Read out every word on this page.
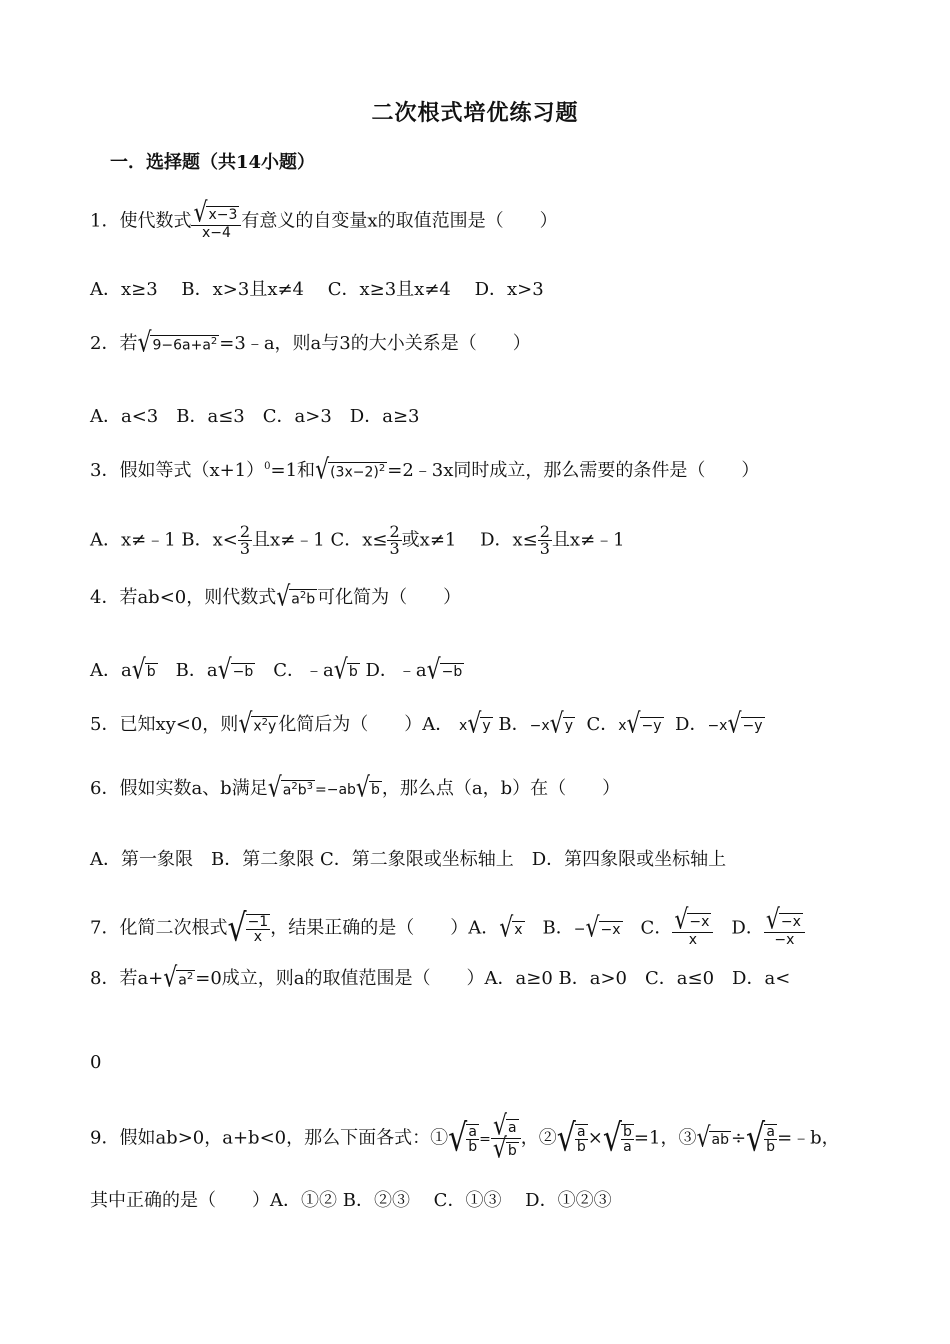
二次根式培优练习题
一．选择题（共14小题）
1．使代数式 $\frac{√x-3}{x-4}$ 有意义的自变量x的取值范围是（　　）
A．x≥3　 B．x>3且x≠4　 C．x≥3且x≠4　 D．x>3
2．若$√9-6a+a^2$ =3﹣a，则a与3的大小关系是（　　）
A．a<3　B．a≤3　C．a>3　D．a≥3
3．假如等式$(x+1)^0=1$和$√(3x-2)^2$ =2﹣3x同时成立，那么需要的条件是（　　）
A．x≠﹣1 B．$x< \frac{2}{3}$ 且x≠﹣1 C．$x\le \frac{2}{3}$ 或x≠1　 D．$x\le \frac{2}{3}$ 且x≠﹣1
4．若ab<0，则代数式$√a^2b$ 可化简为（　　）
A．a√b　B．a√−b　C．﹣a√b D．﹣a√−b
5．已知xy<0，则$√x^2y$ 化简后为（　　）A． x√y B．−x√y C．x√−y D．−x√−y
6．假如实数a、b满足$√a^2b^3 =-ab√b$ ，那么点（a，b）在（　　）
A．第一象限　B．第二象限 C．第二象限或坐标轴上　D．第四象限或坐标轴上
7．化简二次根式√ $\frac{-1}{x}$ ，结果正确的是（　　）A．√x　B．−√−x　C． $\frac{√-x}{x}$ 　D． $\frac{√-x}{-x}$
8．若$a+√a^2 =0$成立，则a的取值范围是（　　）A．a≥0 B．a>0　C．a≤0　D．a<
0
9．假如ab>0，a+b<0，那么下面各式：①√ $\frac{a}{b} = \frac{√a}{√b}$ ，②√ $\frac{a}{b}$ ×√ $\frac{b}{a} =1$，③√ab ÷√ $\frac{a}{b}$ =﹣b，
其中正确的是（　　）A．①② B．②③　 C．①③　 D．①②③
